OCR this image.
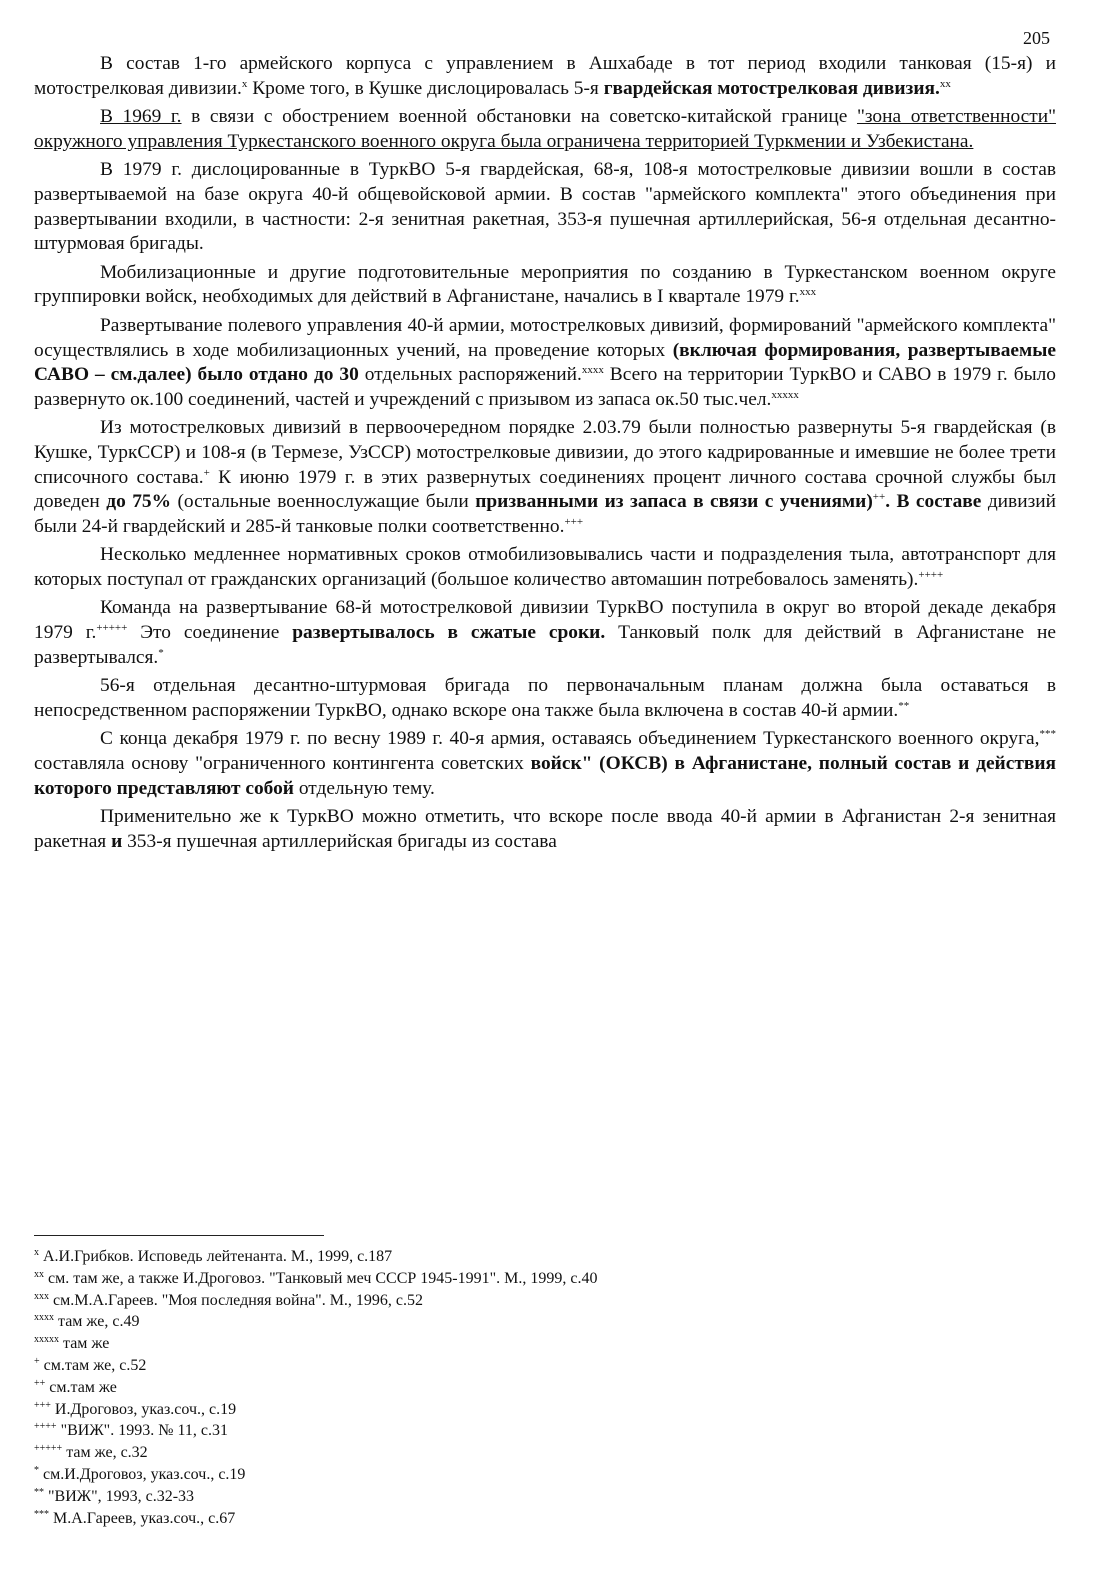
205

В состав 1-го армейского корпуса с управлением в Ашхабаде в тот период входили танковая (15-я) и мотострелковая дивизии.$^x$ Кроме того, в Кушке дислоцировалась 5-я гвардейская мотострелковая дивизия.$^{xx}$

В 1969 г. в связи с обострением военной обстановки на советско-китайской границе "зона ответственности" окружного управления Туркестанского военного округа была ограничена территорией Туркмении и Узбекистана.

В 1979 г. дислоцированные в ТуркВО 5-я гвардейская, 68-я, 108-я мотострелковые дивизии вошли в состав развертываемой на базе округа 40-й общевойсковой армии. В состав "армейского комплекта" этого объединения при развертывании входили, в частности: 2-я зенитная ракетная, 353-я пушечная артиллерийская, 56-я отдельная десантно-штурмовая бригады.

Мобилизационные и другие подготовительные мероприятия по созданию в Туркестанском военном округе группировки войск, необходимых для действий в Афганистане, начались в I квартале 1979 г.$^{xxx}$

Развертывание полевого управления 40-й армии, мотострелковых дивизий, формирований "армейского комплекта" осуществлялись в ходе мобилизационных учений, на проведение которых (включая формирования, развертываемые САВО – см.далее) было отдано до 30 отдельных распоряжений.$^{xxxx}$ Всего на территории ТуркВО и САВО в 1979 г. было развернуто ок.100 соединений, частей и учреждений с призывом из запаса ок.50 тыс.чел.$^{xxxxx}$

Из мотострелковых дивизий в первоочередном порядке 2.03.79 были полностью развернуты 5-я гвардейская (в Кушке, ТуркССР) и 108-я (в Термезе, УзССР) мотострелковые дивизии, до этого кадрированные и имевшие не более трети списочного состава.+ К июню 1979 г. в этих развернутых соединениях процент личного состава срочной службы был доведен до 75% (остальные военнослужащие были призванными из запаса в связи с учениями)++. В составе дивизий были 24-й гвардейский и 285-й танковые полки соответственно.+++

Несколько медленнее нормативных сроков отмобилизовывались части и подразделения тыла, автотранспорт для которых поступал от гражданских организаций (большое количество автомашин потребовалось заменять).++++

Команда на развертывание 68-й мотострелковой дивизии ТуркВО поступила в округ во второй декаде декабря 1979 г.+++++ Это соединение развертывалось в сжатые сроки. Танковый полк для действий в Афганистане не развертывался.*

56-я отдельная десантно-штурмовая бригада по первоначальным планам должна была оставаться в непосредственном распоряжении ТуркВО, однако вскоре она также была включена в состав 40-й армии.**

С конца декабря 1979 г. по весну 1989 г. 40-я армия, оставаясь объединением Туркестанского военного округа,*** составляла основу "ограниченного контингента советских войск" (ОКСВ) в Афганистане, полный состав и действия которого представляют собой отдельную тему.

Применительно же к ТуркВО можно отметить, что вскоре после ввода 40-й армии в Афганистан 2-я зенитная ракетная и 353-я пушечная артиллерийская бригады из состава

$^x$ А.И.Грибков. Исповедь лейтенанта. М., 1999, с.187
$^{xx}$ см. там же, а также И.Дроговоз. "Танковый меч СССР 1945-1991". М., 1999, с.40
$^{xxx}$ см.М.А.Гареев. "Моя последняя война". М., 1996, с.52
$^{xxxx}$ там же, с.49
$^{xxxxx}$ там же
+ см.там же, с.52
++ см.там же
+++ И.Дроговоз, указ.соч., с.19
++++ "ВИЖ". 1993. № 11, с.31
+++++ там же, с.32
* см.И.Дроговоз, указ.соч., с.19
** "ВИЖ", 1993, с.32-33
*** М.А.Гареев, указ.соч., с.67
